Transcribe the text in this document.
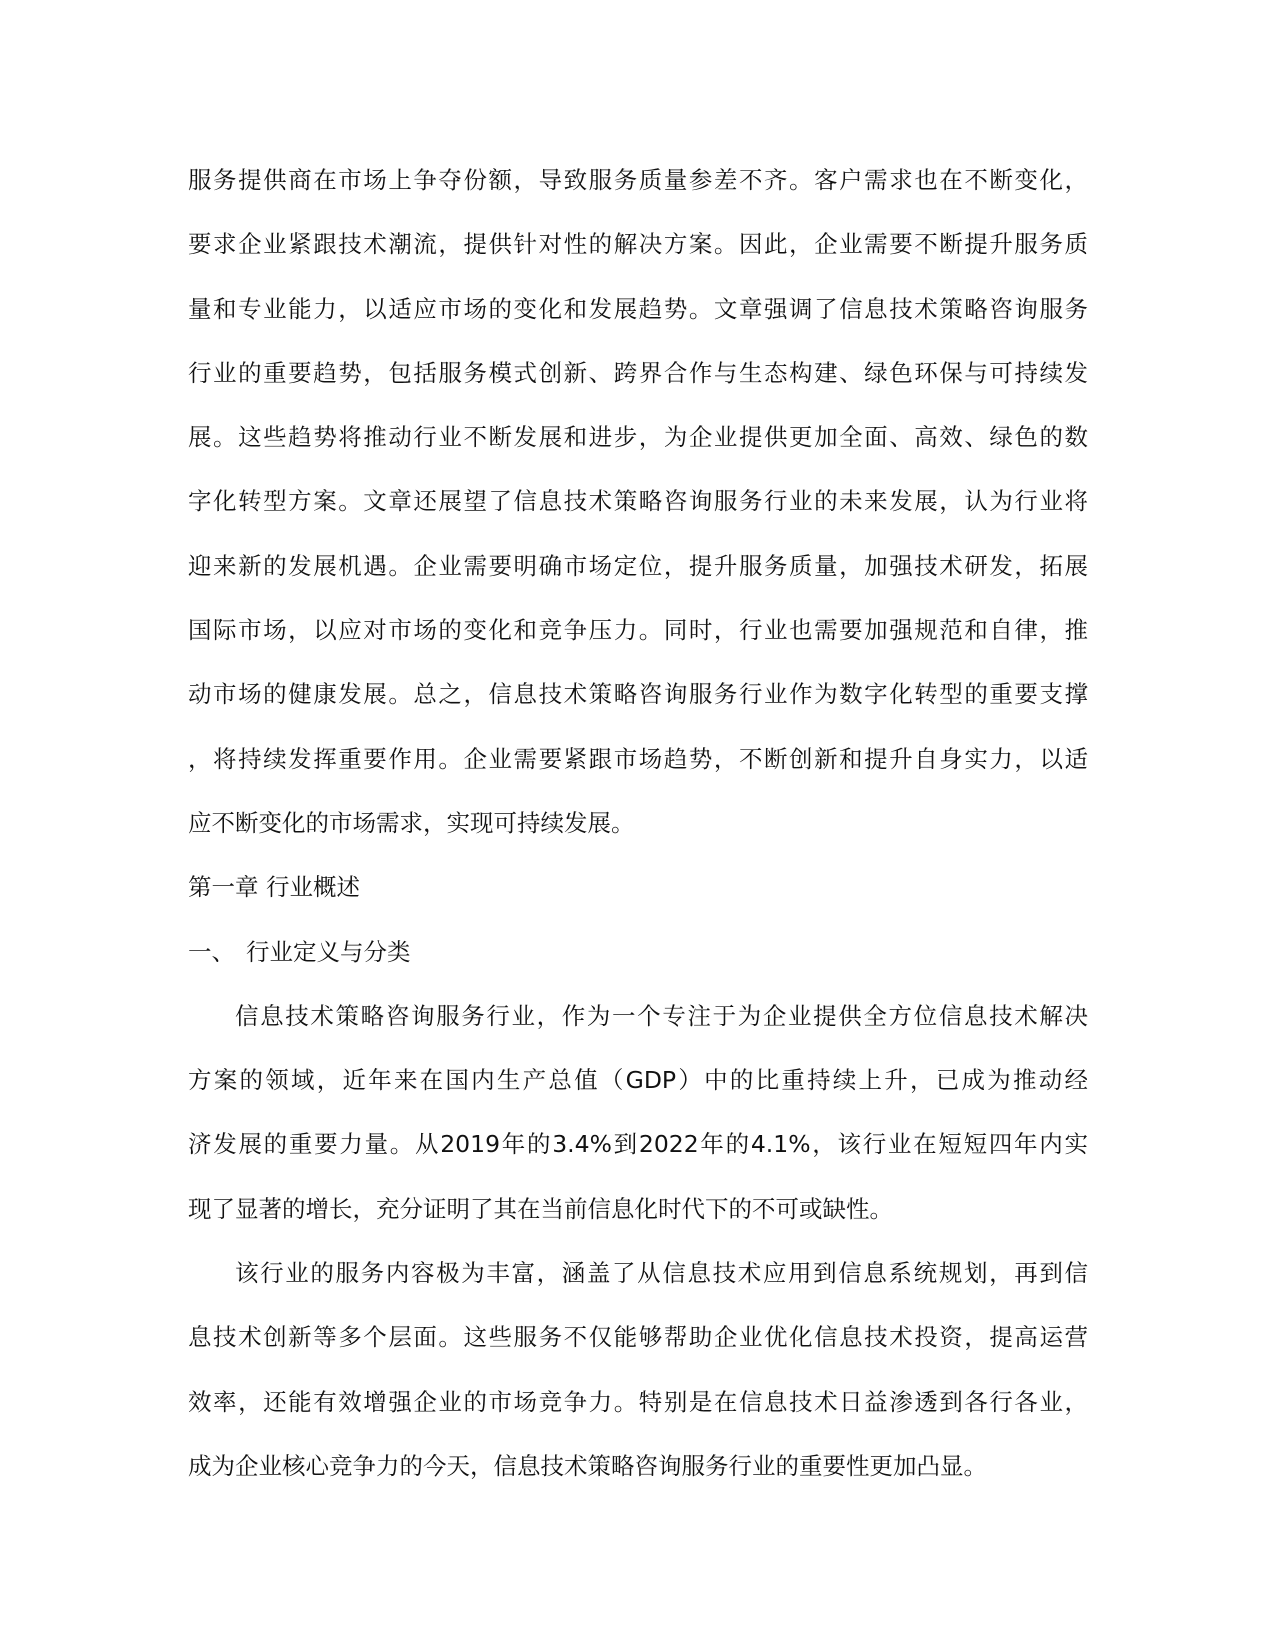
服务提供商在市场上争夺份额，导致服务质量参差不齐。客户需求也在不断变化，
要求企业紧跟技术潮流，提供针对性的解决方案。因此，企业需要不断提升服务质
量和专业能力，以适应市场的变化和发展趋势。文章强调了信息技术策略咨询服务
行业的重要趋势，包括服务模式创新、跨界合作与生态构建、绿色环保与可持续发
展。这些趋势将推动行业不断发展和进步，为企业提供更加全面、高效、绿色的数
字化转型方案。文章还展望了信息技术策略咨询服务行业的未来发展，认为行业将
迎来新的发展机遇。企业需要明确市场定位，提升服务质量，加强技术研发，拓展
国际市场，以应对市场的变化和竞争压力。同时，行业也需要加强规范和自律，推
动市场的健康发展。总之，信息技术策略咨询服务行业作为数字化转型的重要支撑
，将持续发挥重要作用。企业需要紧跟市场趋势，不断创新和提升自身实力，以适
应不断变化的市场需求，实现可持续发展。
第一章 行业概述
一、 行业定义与分类
信息技术策略咨询服务行业，作为一个专注于为企业提供全方位信息技术解决
方案的领域，近年来在国内生产总值（GDP）中的比重持续上升，已成为推动经
济发展的重要力量。从2019年的3.4%到2022年的4.1%，该行业在短短四年内实
现了显著的增长，充分证明了其在当前信息化时代下的不可或缺性。
该行业的服务内容极为丰富，涵盖了从信息技术应用到信息系统规划，再到信
息技术创新等多个层面。这些服务不仅能够帮助企业优化信息技术投资，提高运营
效率，还能有效增强企业的市场竞争力。特别是在信息技术日益渗透到各行各业，
成为企业核心竞争力的今天，信息技术策略咨询服务行业的重要性更加凸显。
